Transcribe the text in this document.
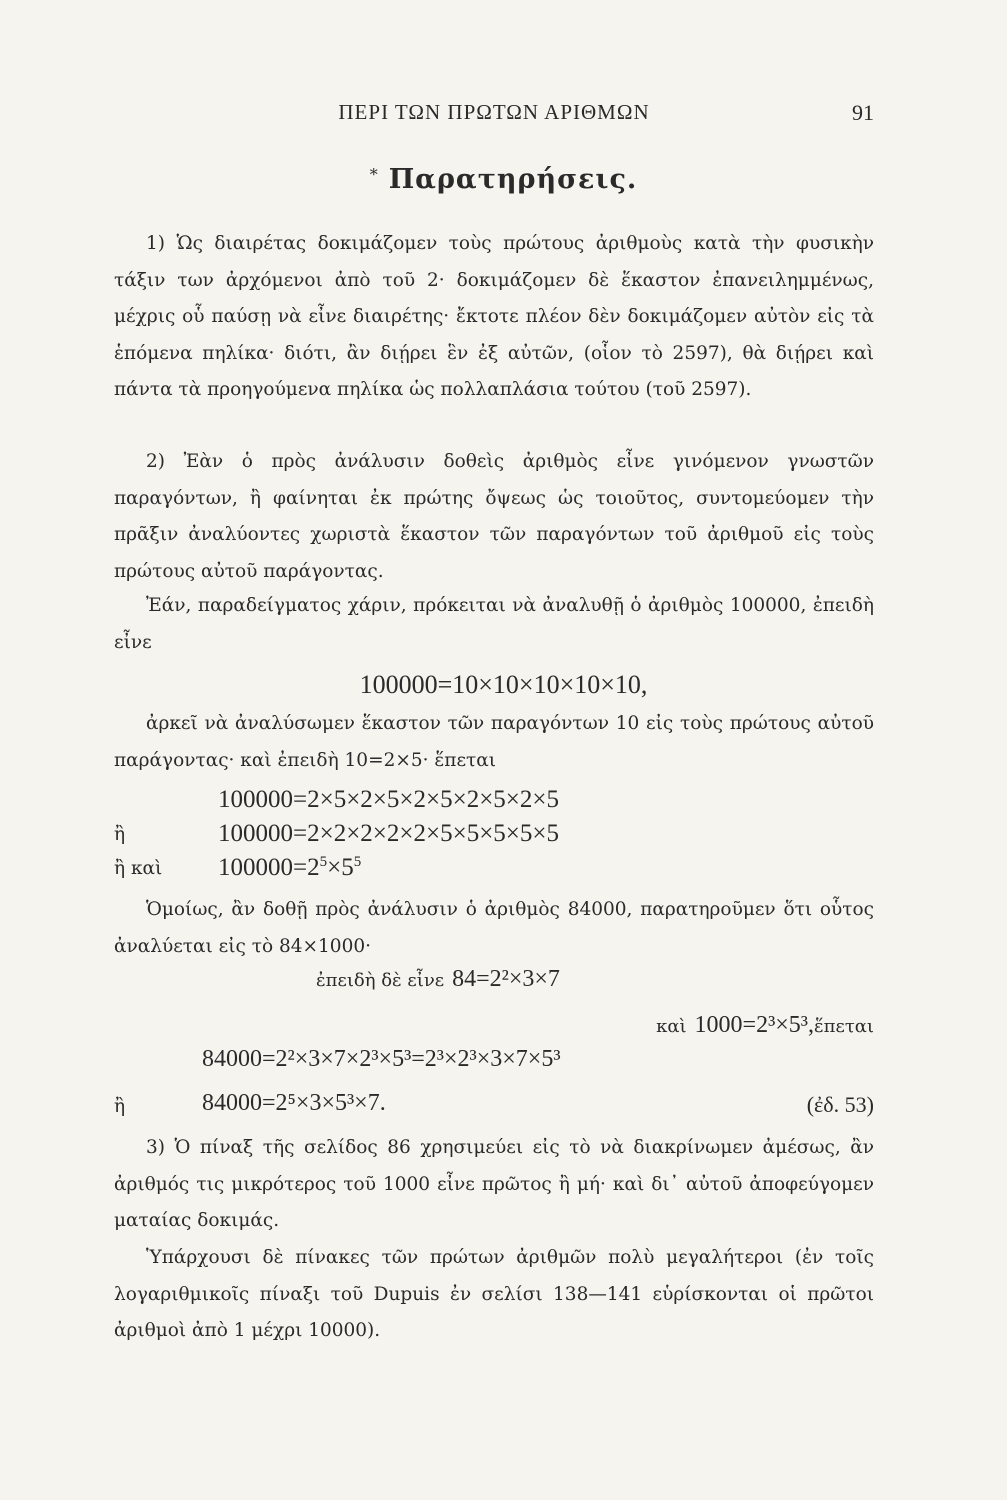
ΠΕΡΙ ΤΩΝ ΠΡΩΤΩΝ ΑΡΙΘΜΩΝ	91
* Παρατηρήσεις.

1) Ὡς διαιρέτας δοκιμάζομεν τοὺς πρώτους ἀριθμοὺς κατὰ τὴν φυσικὴν τάξιν των ἀρχόμενοι ἀπὸ τοῦ 2· δοκιμάζομεν δὲ ἕκαστον ἐπανειλημμένως, μέχρις οὗ παύσῃ νὰ εἶνε διαιρέτης· ἔκτοτε πλέον δὲν δοκιμάζομεν αὐτὸν εἰς τὰ ἑπόμενα πηλίκα· διότι, ἂν διῄρει ἓν ἐξ αὐτῶν, (οἷον τὸ 2597), θὰ διῄρει καὶ πάντα τὰ προηγούμενα πηλίκα ὡς πολλαπλάσια τούτου (τοῦ 2597).

2) Ἐὰν ὁ πρὸς ἀνάλυσιν δοθεὶς ἀριθμὸς εἶνε γινόμενον γνωστῶν παραγόντων, ἢ φαίνηται ἐκ πρώτης ὄψεως ὡς τοιοῦτος, συντομεύομεν τὴν πρᾶξιν ἀναλύοντες χωριστὰ ἕκαστον τῶν παραγόντων τοῦ ἀριθμοῦ εἰς τοὺς πρώτους αὐτοῦ παράγοντας.

Ἐάν, παραδείγματος χάριν, πρόκειται νὰ ἀναλυθῇ ὁ ἀριθμὸς 100000, ἐπειδὴ εἶνε

100000=10×10×10×10×10,

ἀρκεῖ νὰ ἀναλύσωμεν ἕκαστον τῶν παραγόντων 10 εἰς τοὺς πρώτους αὐτοῦ παράγοντας· καὶ ἐπειδὴ 10=2×5· ἕπεται

100000=2×5×2×5×2×5×2×5×2×5
ἢ	100000=2×2×2×2×2×5×5×5×5×5
ἢ καὶ $100000=2^5\times 5^5$

Ὁμοίως, ἂν δοθῇ πρὸς ἀνάλυσιν ὁ ἀριθμὸς 84000, παρατηροῦμεν ὅτι οὗτος ἀναλύεται εἰς τὸ 84×1000·

ἐπειδὴ δὲ εἶνε 84=2²×3×7
καὶ 1000=2³×5³,ἕπεται
84000=2²×3×7×2³×5³=2³×2³×3×7×5³
ἢ	84000=2⁵×3×5³×7.	(ἐδ. 53)

3) Ὁ πίναξ τῆς σελίδος 86 χρησιμεύει εἰς τὸ νὰ διακρίνωμεν ἀμέσως, ἂν ἀριθμός τις μικρότερος τοῦ 1000 εἶνε πρῶτος ἢ μή· καὶ δι᾽ αὐτοῦ ἀποφεύγομεν ματαίας δοκιμάς.

Ὑπάρχουσι δὲ πίνακες τῶν πρώτων ἀριθμῶν πολὺ μεγαλήτεροι (ἐν τοῖς λογαριθμικοῖς πίναξι τοῦ Dupuis ἐν σελίσι 138—141 εὑρίσκονται οἱ πρῶτοι ἀριθμοὶ ἀπὸ 1 μέχρι 10000).
